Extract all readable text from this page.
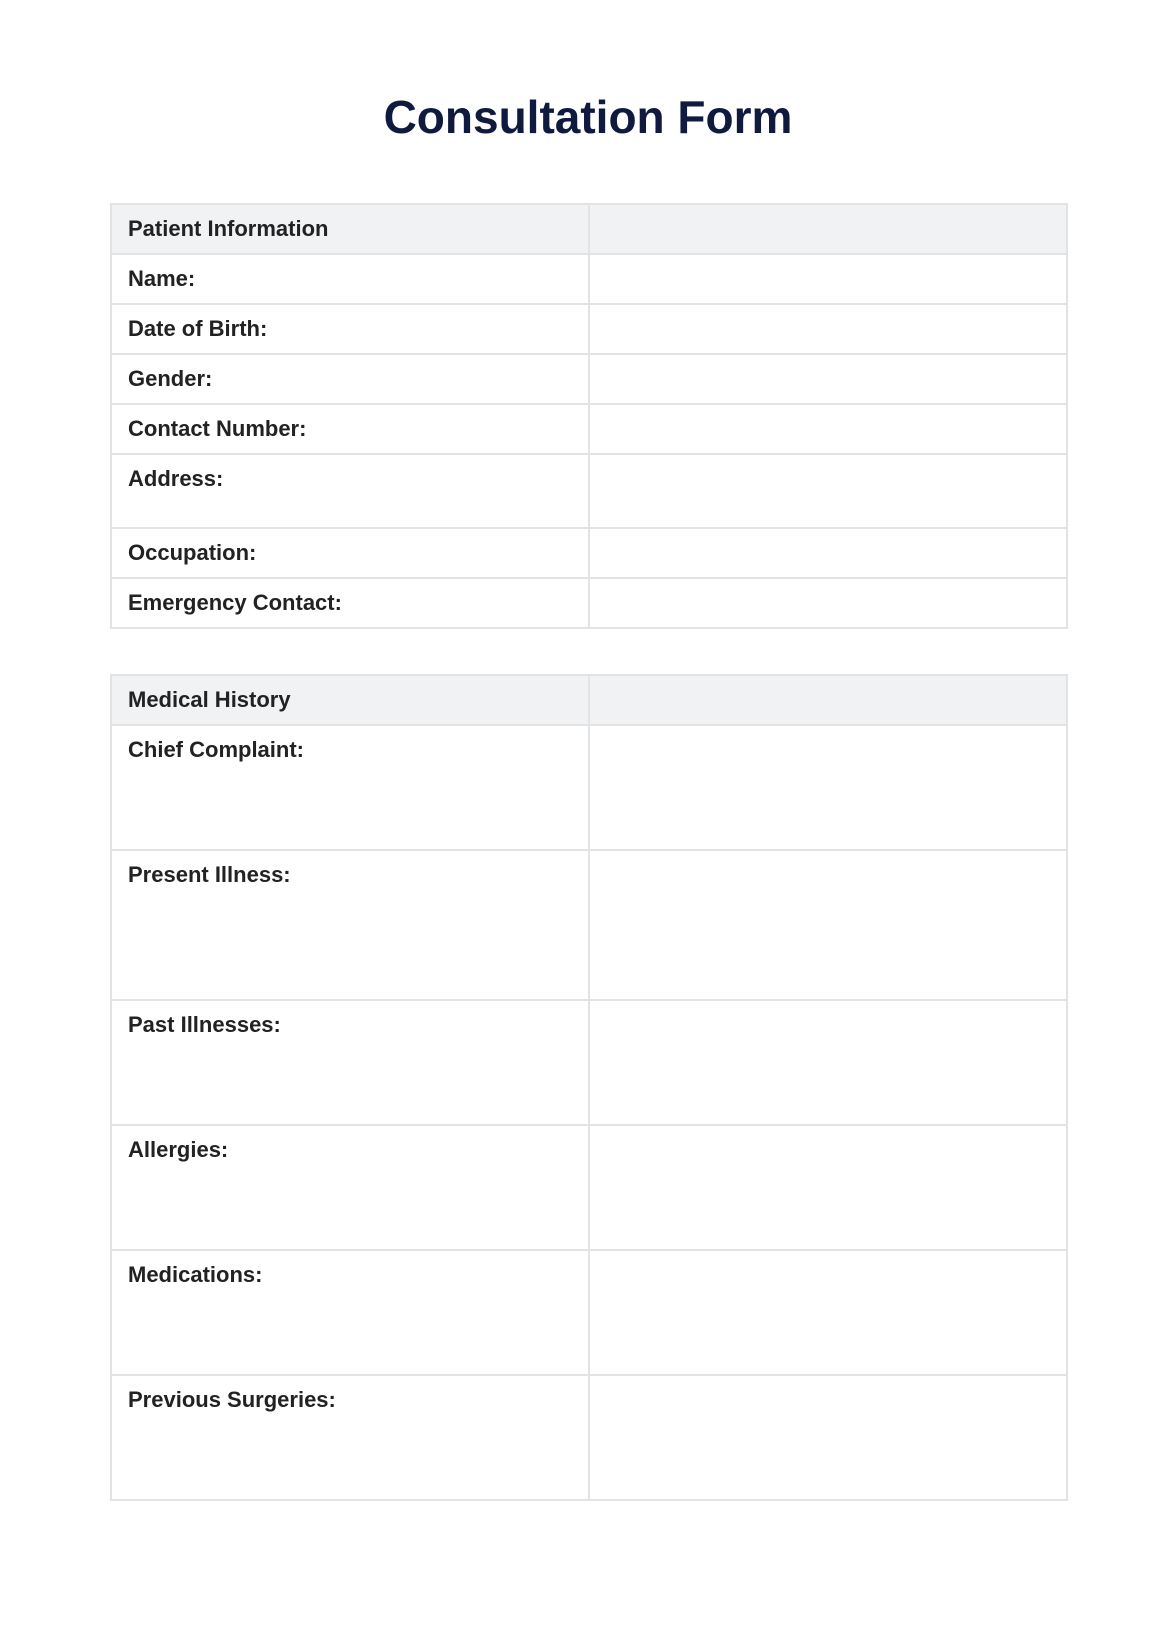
Consultation Form
Patient Information	

Name:	

Date of Birth:	

Gender:	

Contact Number:	

Address:	

Occupation:	

Emergency Contact:	

Medical History	

Chief Complaint:	

Present Illness:	

Past Illnesses:	

Allergies:	

Medications:	

Previous Surgeries:	
